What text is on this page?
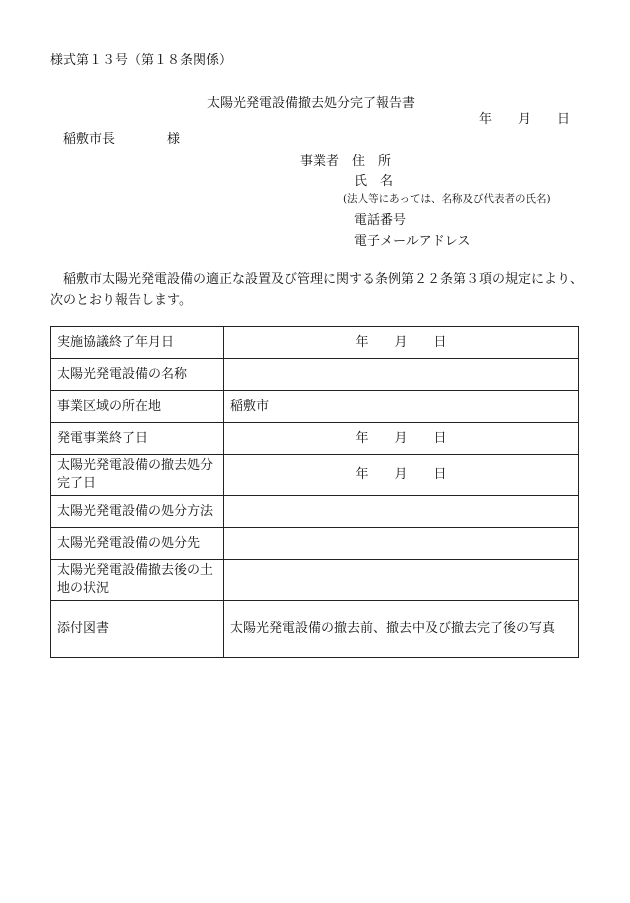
様式第１３号（第１８条関係）
太陽光発電設備撤去処分完了報告書
年　　月　　日
稲敷市長　　　　様
事業者　住　所
氏　名
(法人等にあっては、名称及び代表者の氏名)
電話番号
電子メールアドレス
稲敷市太陽光発電設備の適正な設置及び管理に関する条例第２２条第３項の規定により、
次のとおり報告します。
実施協議終了年月日	年　　月　　日
太陽光発電設備の名称	
事業区域の所在地	稲敷市
発電事業終了日	年　　月　　日

太陽光発電設備の撤去処分
完了日	年　　月　　日
太陽光発電設備の処分方法	
太陽光発電設備の処分先	

太陽光発電設備撤去後の土
地の状況	

添付図書	太陽光発電設備の撤去前、撤去中及び撤去完了後の写真
